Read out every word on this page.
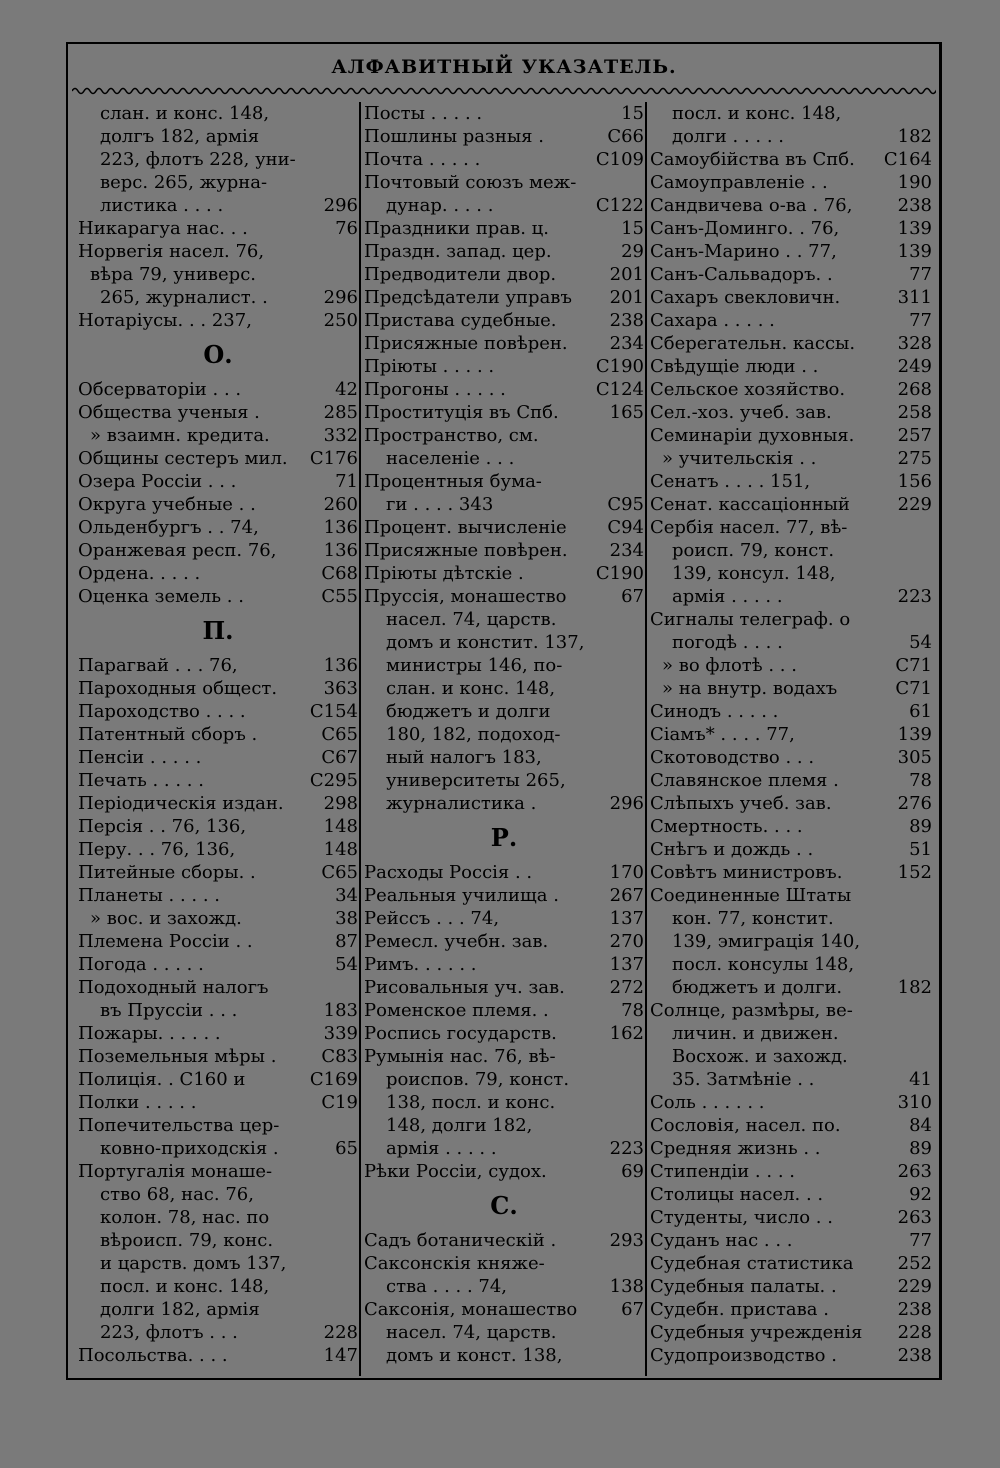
АЛФАВИТНЫЙ УКАЗАТЕЛЬ.
слан. и конс. 148,
долгъ 182, армія
223, флотъ 228, уни-
верс. 265, журна-
листика . . . .	296
Никарагуа нас. . .	76
Норвегія насел. 76,
вѣра 79, универс.
265, журналист. .	296
Нотаріусы. . . 237,	250
О.
Обсерваторіи . . .	42
Общества ученыя .	285
» взаимн. кредита.	332
Общины сестеръ мил. С176
Озера Россіи . . .	71
Округа учебные . .	260
Ольденбургъ . . 74,	136
Оранжевая респ. 76,	136
Ордена. . . . .	С68
Оценка земель . .	С55
П.
Парагвай . . . 76,	136
Пароходныя общест.	363
Пароходство . . . .	С154
Патентный сборъ .	С65
Пенсіи . . . . .	С67
Печать . . . . .	С295
Періодическія издан. 298
Персія . . 76, 136,	148
Перу. . . 76, 136,	148
Питейные сборы. .	С65
Планеты . . . . .	34
» вос. и захожд.	38
Племена Россіи . .	87
Погода . . . . .	54
Подоходный налогъ
въ Пруссіи . . .	183
Пожары. . . . . .	339
Поземельныя мѣры . С83
Полиція. . С160 и	С169
Полки . . . . .	С19
Попечительства цер-
ковно-приходскія .	65
Португалія монаше-
ство 68, нас. 76,
колон. 78, нас. по
вѣроисп. 79, конс.
и царств. домъ 137,
посл. и конс. 148,
долги 182, армія
223, флотъ . . .	228
Посольства. . . .	147
Посты . . . . .	15
Пошлины разныя .	С66
Почта . . . . .	С109
Почтовый союзъ меж-
дунар. . . . .	С122
Праздники прав. ц.	15
Праздн. запад. цер.	29
Предводители двор.	201
Предсѣдатели управъ 201
Пристава судебные.	238
Присяжные повѣрен. 234
Пріюты . . . . .	С190
Прогоны . . . . .	С124
Проституція въ Спб.	165
Пространство, см.
населеніе . . .
Процентныя бума-
ги . . . . 343	С95
Процент. вычисленіе С94
Присяжные повѣрен. 234
Пріюты дѣтскіе .	С190
Пруссія, монашество	67
насел. 74, царств.
домъ и констит. 137,
министры 146, по-
слан. и конс. 148,
бюджетъ и долги
180, 182, подоход-
ный налогъ 183,
университеты 265,
журналистика .	296
Р.
Расходы Россія . .	170
Реальныя училища .	267
Рейссъ . . . 74,	137
Ремесл. учебн. зав.	270
Римъ. . . . . .	137
Рисовальныя уч. зав. 272
Роменское племя. .	78
Роспись государств.	162
Румынія нас. 76, вѣ-
роиспов. 79, конст.
138, посл. и конс.
148, долги 182,
армія . . . . .	223
Рѣки Россіи, судох.	69
С.
Садъ ботаническій .	293
Саксонскія княже-
ства . . . . 74,	138
Саксонія, монашество 67
насел. 74, царств.
домъ и конст. 138,
посл. и конс. 148,
долги . . . . .	182
Самоубійства въ Спб. С164
Самоуправленіе . .	190
Сандвичева о-ва . 76,	238
Санъ-Доминго. . 76,	139
Санъ-Марино . . 77,	139
Санъ-Сальвадоръ. .	77
Сахаръ свекловичн.	311
Сахара . . . . .	77
Сберегательн. кассы. 328
Свѣдущіе люди . .	249
Сельское хозяйство.	268
Сел.-хоз. учеб. зав.	258
Семинаріи духовныя. 257
» учительскія . .	275
Сенатъ . . . . 151,	156
Сенат. кассаціонный	229
Сербія насел. 77, вѣ-
роисп. 79, конст.
139, консул. 148,
армія . . . . .	223
Сигналы телеграф. о
погодѣ . . . .	54
» во флотѣ . . .	С71
» на внутр. водахъ	С71
Синодъ . . . . .	61
Сіамъ* . . . . 77,	139
Скотоводство . . .	305
Славянское племя .	78
Слѣпыхъ учеб. зав.	276
Смертность. . . .	89
Снѣгъ и дождь . .	51
Совѣтъ министровъ.	152
Соединенные Штаты
кон. 77, констит.
139, эмиграція 140,
посл. консулы 148,
бюджетъ и долги.	182
Солнце, размѣры, ве-
личин. и движен.
Восхож. и захожд.
35. Затмѣніе . .	41
Соль . . . . . .	310
Сословія, насел. по.	84
Средняя жизнь . .	89
Стипендіи . . . .	263
Столицы насел. . .	92
Студенты, число . .	263
Суданъ нас . . .	77
Судебная статистика 252
Судебныя палаты. .	229
Судебн. пристава .	238
Судебныя учрежденія 228
Судопроизводство .	238
